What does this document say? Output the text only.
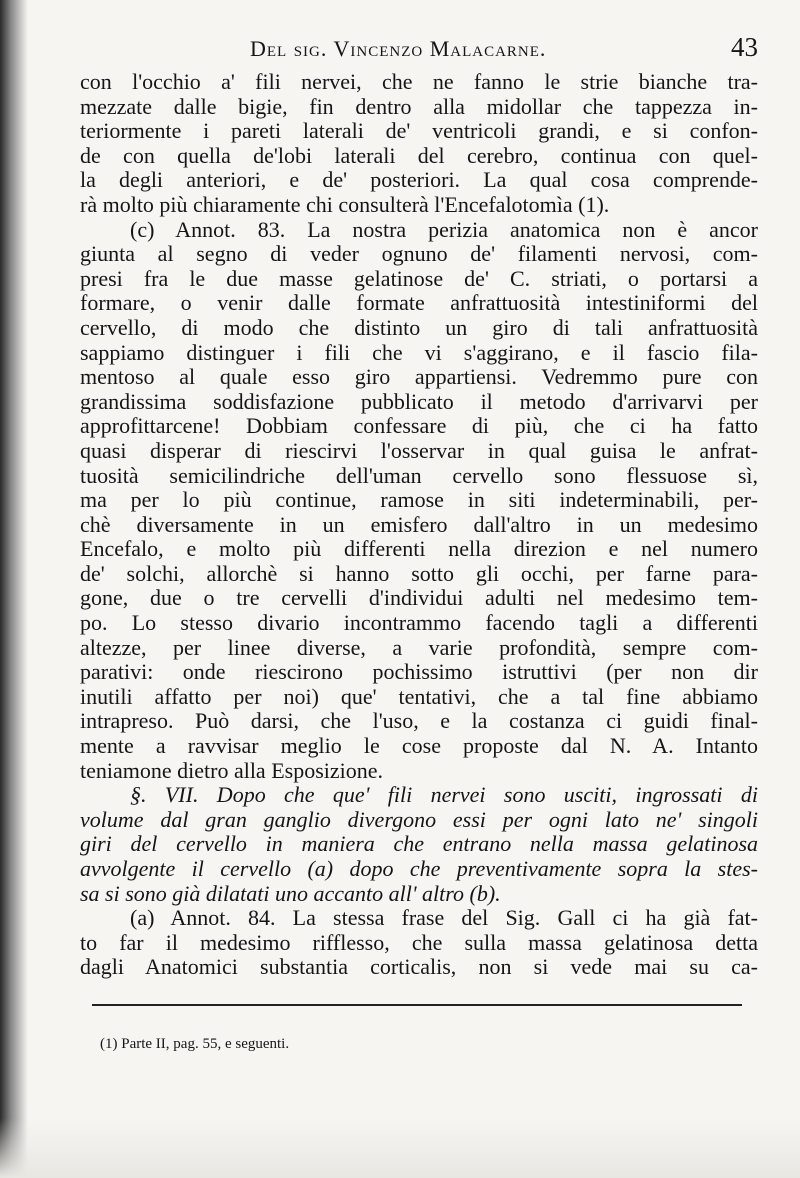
Del sig. Vincenzo Malacarne.	43
con l'occhio a' fili nervei, che ne fanno le strie bianche tra-
mezzate dalle bigie, fin dentro alla midollar che tappezza in-
teriormente i pareti laterali de' ventricoli grandi, e si confon-
de con quella de'lobi laterali del cerebro, continua con quel-
la degli anteriori, e de' posteriori. La qual cosa comprende-
rà molto più chiaramente chi consulterà l'Encefalotomìa (1).
(c) Annot. 83. La nostra perizia anatomica non è ancor
giunta al segno di veder ognuno de' filamenti nervosi, com-
presi fra le due masse gelatinose de' C. striati, o portarsi a
formare, o venir dalle formate anfrattuosità intestiniformi del
cervello, di modo che distinto un giro di tali anfrattuosità
sappiamo distinguer i fili che vi s'aggirano, e il fascio fila-
mentoso al quale esso giro appartiensi. Vedremmo pure con
grandissima soddisfazione pubblicato il metodo d'arrivarvi per
approfittarcene! Dobbiam confessare di più, che ci ha fatto
quasi disperar di riescirvi l'osservar in qual guisa le anfrat-
tuosità semicilindriche dell'uman cervello sono flessuose sì,
ma per lo più continue, ramose in siti indeterminabili, per-
chè diversamente in un emisfero dall'altro in un medesimo
Encefalo, e molto più differenti nella direzion e nel numero
de' solchi, allorchè si hanno sotto gli occhi, per farne para-
gone, due o tre cervelli d'individui adulti nel medesimo tem-
po. Lo stesso divario incontrammo facendo tagli a differenti
altezze, per linee diverse, a varie profondità, sempre com-
parativi: onde riescirono pochissimo istruttivi (per non dir
inutili affatto per noi) que' tentativi, che a tal fine abbiamo
intrapreso. Può darsi, che l'uso, e la costanza ci guidi final-
mente a ravvisar meglio le cose proposte dal N. A. Intanto
teniamone dietro alla Esposizione.
§. VII. Dopo che que' fili nervei sono usciti, ingrossati di
volume dal gran ganglio divergono essi per ogni lato ne' singoli
giri del cervello in maniera che entrano nella massa gelatinosa
avvolgente il cervello (a) dopo che preventivamente sopra la stes-
sa si sono già dilatati uno accanto all' altro (b).
(a) Annot. 84. La stessa frase del Sig. Gall ci ha già fat-
to far il medesimo rifflesso, che sulla massa gelatinosa detta
dagli Anatomici substantia corticalis, non si vede mai su ca-
(1) Parte II, pag. 55, e seguenti.
